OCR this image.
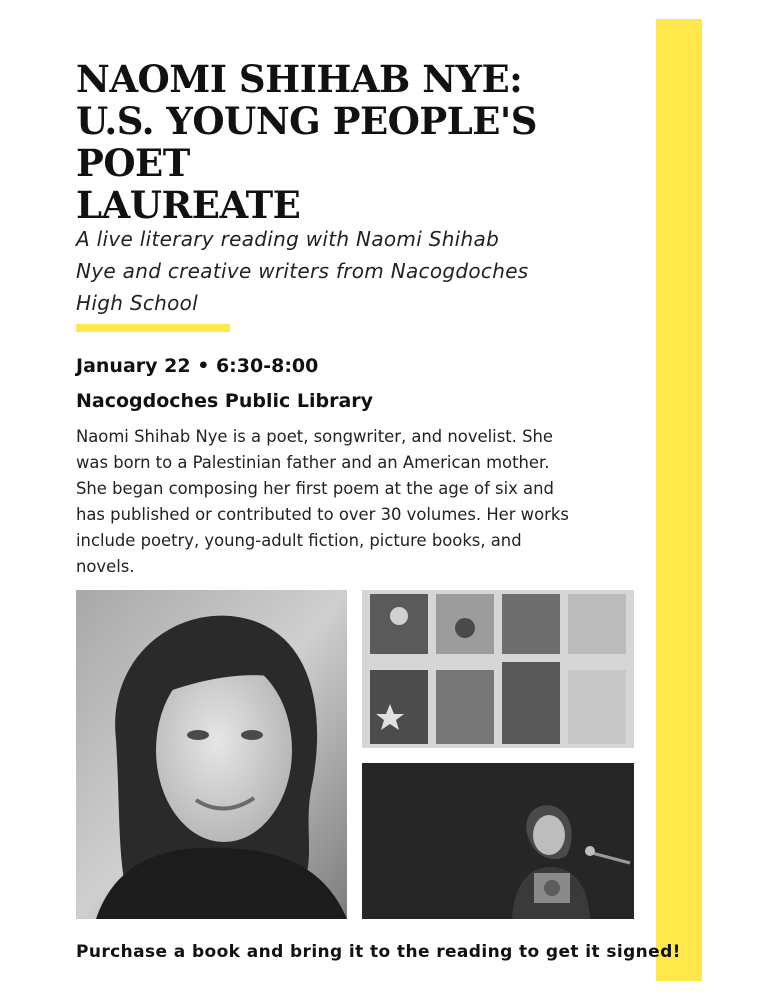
NAOMI SHIHAB NYE:
U.S. YOUNG PEOPLE'S POET
LAUREATE
A live literary reading with Naomi Shihab
Nye and creative writers from Nacogdoches
High School
January 22 • 6:30-8:00
Nacogdoches Public Library
Naomi Shihab Nye is a poet, songwriter, and novelist. She
was born to a Palestinian father and an American mother.
She began composing her first poem at the age of six and
has published or contributed to over 30 volumes. Her works
include poetry, young-adult fiction, picture books, and
novels.
Purchase a book and bring it to the reading to get it signed!
